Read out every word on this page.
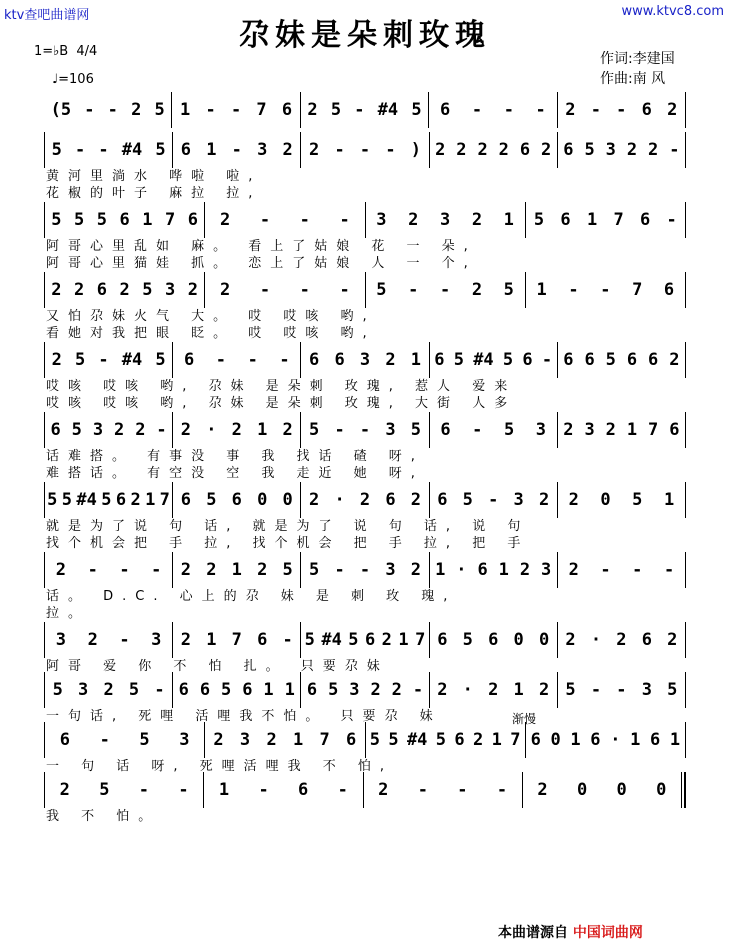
ktv查吧曲谱网	www.ktvc8.com
尕妹是朵刺玫瑰
1=♭B 4/4
♩=106
作词:李建国
作曲:南 风
(5 - - 2 5 1 - - 7 6 2 5 - #4 5 6 - - - 2 - - 6 2
5 - - #4 5 6 1 - 3 2 2 - - - ) 2 2 2 2 6 2 6 5 3 2 2 -
黄河里淌水 哗啦 啦,
花椒的叶子 麻拉 拉,
5 5 5 6 1 7 6 2 - - - 3 2 3 2 1 5 6 1 7 6 -
阿哥心里乱如 麻。 看上了姑娘 花 一 朵,
阿哥心里猫娃 抓。 恋上了姑娘 人 一 个,
2 2 6 2 5 3 2 2 - - - 5 - - 2 5 1 - - 7 6
又怕尕妹火气 大。 哎 哎咳 哟,
看她对我把眼 眨。 哎 哎咳 哟,
2 5 - #4 5 6 - - - 6 6 3 2 1 6 5 #4 5 6 - 6 6 5 6 6 2
哎咳 哎咳 哟, 尕妹 是朵刺 玫瑰, 惹人 爱来
哎咳 哎咳 哟, 尕妹 是朵刺 玫瑰, 大街 人多
6 5 3 2 2 - 2 · 2 1 2 5 - - 3 5 6 - 5 3 2 3 2 1 7 6
话难搭。 有事没 事 我 找话 碴 呀,
难搭话。 有空没 空 我 走近 她 呀,
5 5 #4 5 6 2 1 7 6 5 6 0 0 2 · 2 6 2 6 5 - 3 2 2 0 5 1
就是为了说 句 话, 就是为了 说 句 话, 说 句
找个机会把 手 拉, 找个机会 把 手 拉, 把 手
2 - - - 2 2 1 2 5 5 - - 3 2 1 · 6 1 2 3 2 - - -
话。 D.C. 心上的尕 妹 是 刺 玫 瑰,
拉。
3 2 - 3 2 1 7 6 - 5 #4 5 6 2 1 7 6 5 6 0 0 2 · 2 6 2
阿哥 爱 你 不 怕 扎。 只要尕妹
5 3 2 5 - 6 6 5 6 1 1 6 5 3 2 2 - 2 · 2 1 2 5 - - 3 5
一句话, 死哩 活哩我不怕。 只要尕 妹	渐慢
6 - 5 3 2 3 2 1 7 6 5 5 #4 5 6 2 1 7 6 0 1 6 · 1 6 1
一 句 话 呀, 死哩活哩我 不 怕,
2 5 - - 1 - 6 - 2 - - - 2 0 0 0
我 不 怕。
本曲谱源自 中国词曲网
